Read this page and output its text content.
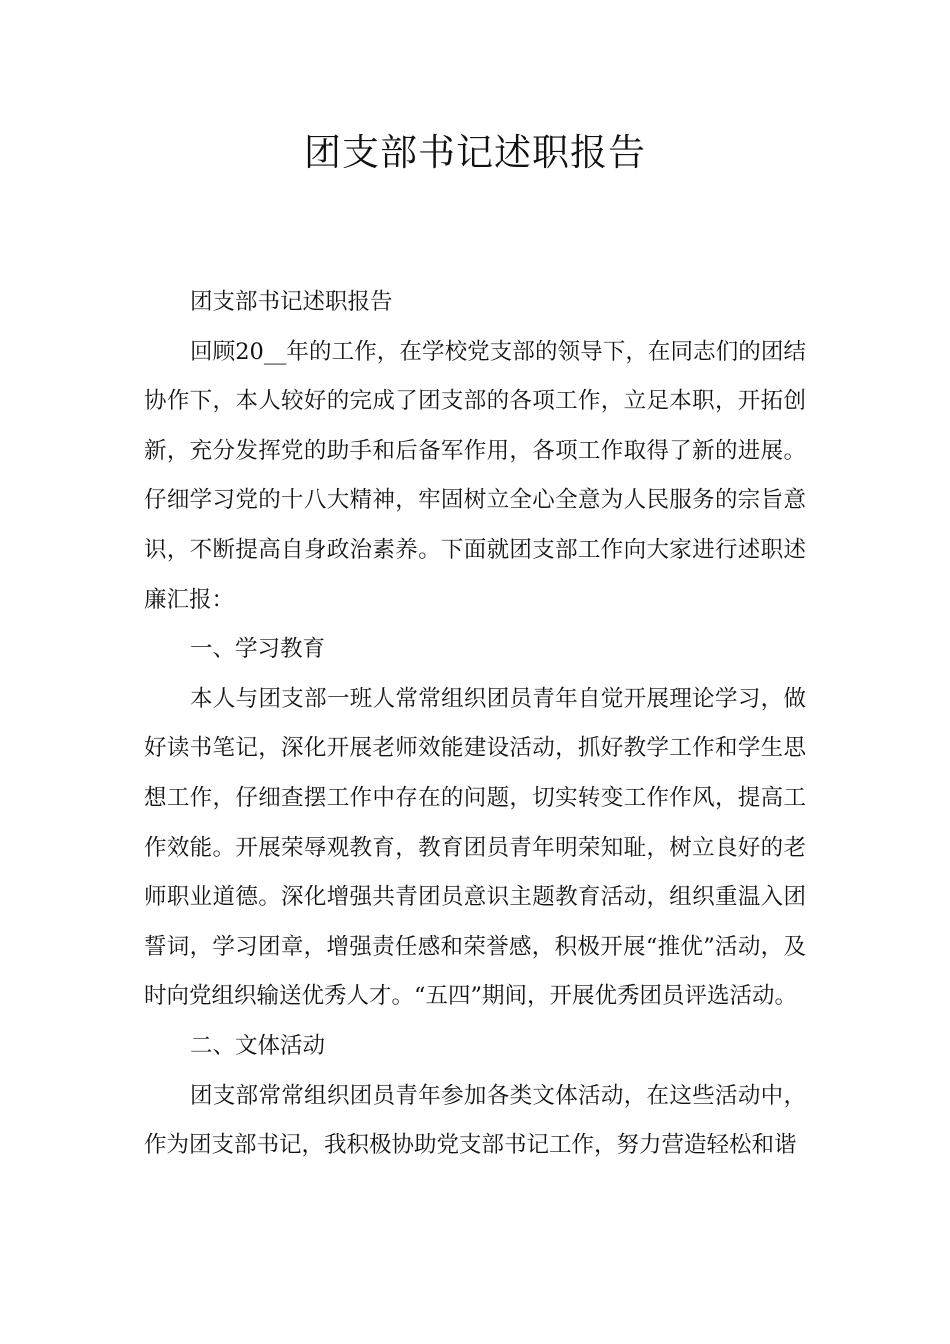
团支部书记述职报告

团支部书记述职报告

回顾20__年的工作，在学校党支部的领导下，在同志们的团结协作下，本人较好的完成了团支部的各项工作，立足本职，开拓创新，充分发挥党的助手和后备军作用，各项工作取得了新的进展。仔细学习党的十八大精神，牢固树立全心全意为人民服务的宗旨意识，不断提高自身政治素养。下面就团支部工作向大家进行述职述廉汇报：

一、学习教育

本人与团支部一班人常常组织团员青年自觉开展理论学习，做好读书笔记，深化开展老师效能建设活动，抓好教学工作和学生思想工作，仔细查摆工作中存在的问题，切实转变工作作风，提高工作效能。开展荣辱观教育，教育团员青年明荣知耻，树立良好的老师职业道德。深化增强共青团员意识主题教育活动，组织重温入团誓词，学习团章，增强责任感和荣誉感，积极开展“推优”活动，及时向党组织输送优秀人才。“五四”期间，开展优秀团员评选活动。

二、文体活动

团支部常常组织团员青年参加各类文体活动，在这些活动中，作为团支部书记，我积极协助党支部书记工作，努力营造轻松和谐
